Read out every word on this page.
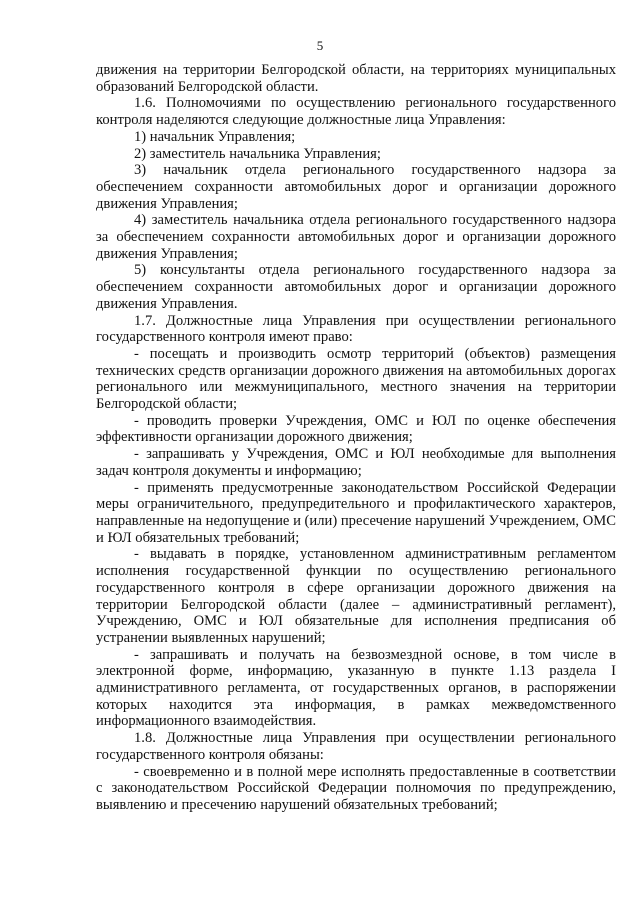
5

движения на территории Белгородской области, на территориях муниципальных образований Белгородской области.

1.6. Полномочиями по осуществлению регионального государственного контроля наделяются следующие должностные лица Управления:

1) начальник Управления;

2) заместитель начальника Управления;

3) начальник отдела регионального государственного надзора за обеспечением сохранности автомобильных дорог и организации дорожного движения Управления;

4) заместитель начальника отдела регионального государственного надзора за обеспечением сохранности автомобильных дорог и организации дорожного движения Управления;

5) консультанты отдела регионального государственного надзора за обеспечением сохранности автомобильных дорог и организации дорожного движения Управления.

1.7. Должностные лица Управления при осуществлении регионального государственного контроля имеют право:

- посещать и производить осмотр территорий (объектов) размещения технических средств организации дорожного движения на автомобильных дорогах регионального или межмуниципального, местного значения на территории Белгородской области;

- проводить проверки Учреждения, ОМС и ЮЛ по оценке обеспечения эффективности организации дорожного движения;

- запрашивать у Учреждения, ОМС и ЮЛ необходимые для выполнения задач контроля документы и информацию;

- применять предусмотренные законодательством Российской Федерации меры ограничительного, предупредительного и профилактического характеров, направленные на недопущение и (или) пресечение нарушений Учреждением, ОМС и ЮЛ обязательных требований;

- выдавать в порядке, установленном административным регламентом исполнения государственной функции по осуществлению регионального государственного контроля в сфере организации дорожного движения на территории Белгородской области (далее – административный регламент), Учреждению, ОМС и ЮЛ обязательные для исполнения предписания об устранении выявленных нарушений;

- запрашивать и получать на безвозмездной основе, в том числе в электронной форме, информацию, указанную в пункте 1.13 раздела I административного регламента, от государственных органов, в распоряжении которых находится эта информация, в рамках межведомственного информационного взаимодействия.

1.8. Должностные лица Управления при осуществлении регионального государственного контроля обязаны:

- своевременно и в полной мере исполнять предоставленные в соответствии с законодательством Российской Федерации полномочия по предупреждению, выявлению и пресечению нарушений обязательных требований;
